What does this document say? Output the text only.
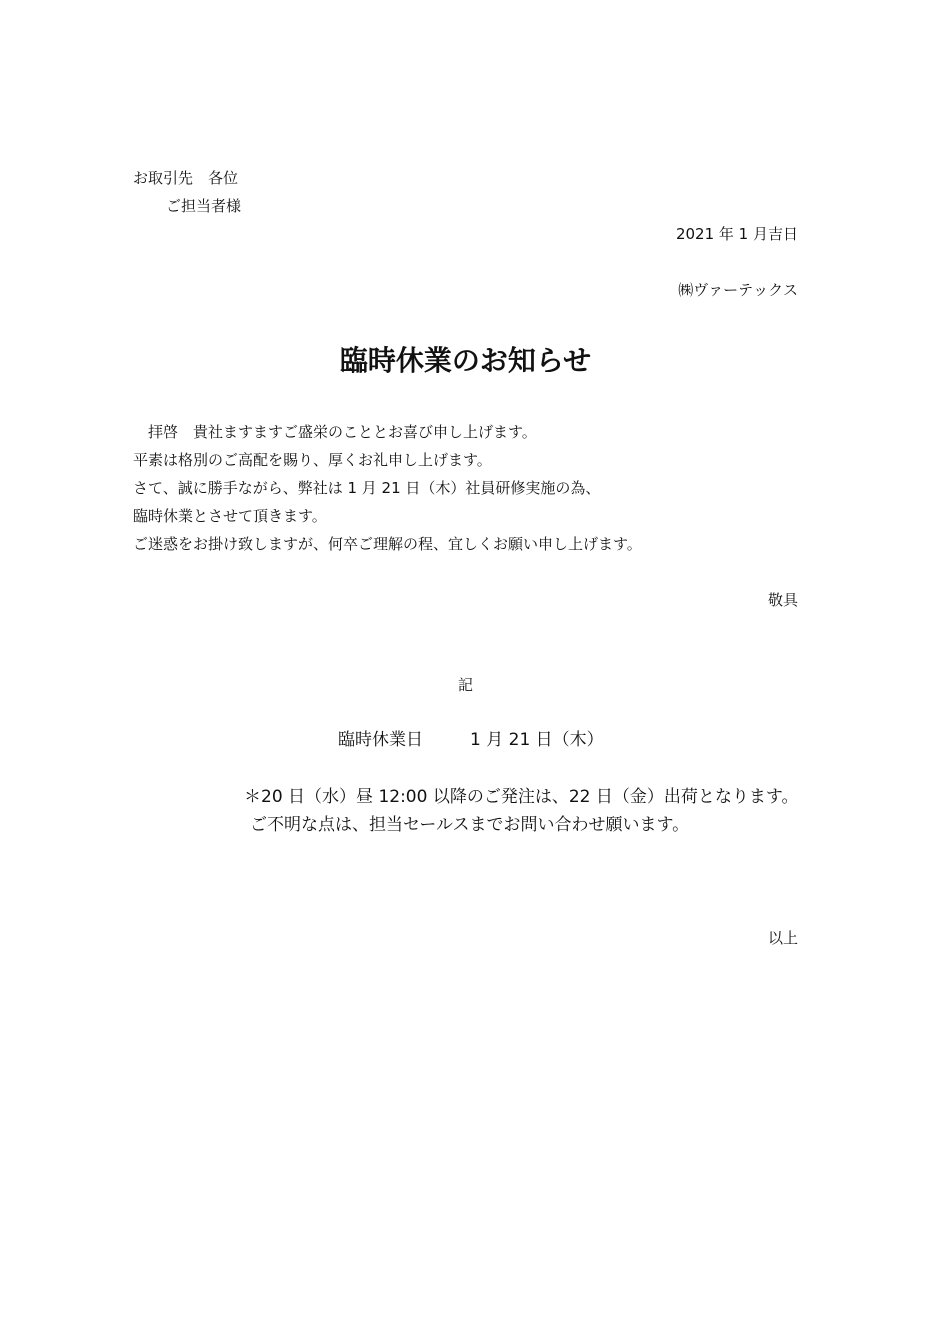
お取引先　各位
ご担当者様
2021 年 1 月吉日
㈱ヴァーテックス
臨時休業のお知らせ
　拝啓　貴社ますますご盛栄のこととお喜び申し上げます。
平素は格別のご高配を賜り、厚くお礼申し上げます。
さて、誠に勝手ながら、弊社は 1 月 21 日（木）社員研修実施の為、
臨時休業とさせて頂きます。
ご迷惑をお掛け致しますが、何卒ご理解の程、宜しくお願い申し上げます。
敬具
記
臨時休業日	1 月 21 日（木）
＊20 日（水）昼 12:00 以降のご発注は、22 日（金）出荷となります。
ご不明な点は、担当セールスまでお問い合わせ願います。
以上
